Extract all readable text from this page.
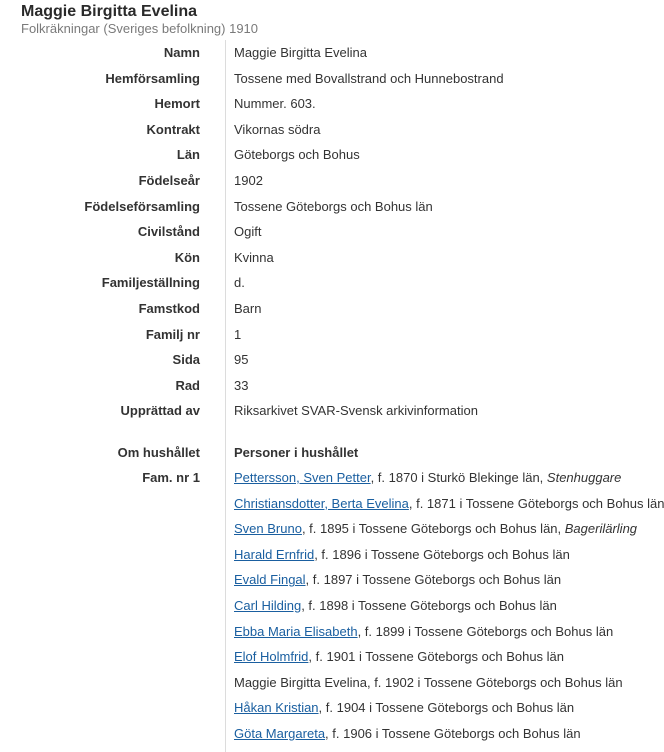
Maggie Birgitta Evelina
Folkräkningar (Sveriges befolkning) 1910
Namn	Maggie Birgitta Evelina
Hemförsamling	Tossene med Bovallstrand och Hunnebostrand
Hemort	Nummer. 603.
Kontrakt	Vikornas södra
Län	Göteborgs och Bohus
Födelseår	1902
Födelseförsamling	Tossene Göteborgs och Bohus län
Civilstånd	Ogift
Kön	Kvinna
Familjeställning	d.
Famstkod	Barn
Familj nr	1
Sida	95
Rad	33
Upprättad av	Riksarkivet SVAR-Svensk arkivinformation
Om hushållet	Personer i hushållet
Fam. nr 1	Pettersson, Sven Petter, f. 1870 i Sturkö Blekinge län, Stenhuggare
Christiansdotter, Berta Evelina, f. 1871 i Tossene Göteborgs och Bohus län
Sven Bruno, f. 1895 i Tossene Göteborgs och Bohus län, Bagerilärling
Harald Ernfrid, f. 1896 i Tossene Göteborgs och Bohus län
Evald Fingal, f. 1897 i Tossene Göteborgs och Bohus län
Carl Hilding, f. 1898 i Tossene Göteborgs och Bohus län
Ebba Maria Elisabeth, f. 1899 i Tossene Göteborgs och Bohus län
Elof Holmfrid, f. 1901 i Tossene Göteborgs och Bohus län
Maggie Birgitta Evelina, f. 1902 i Tossene Göteborgs och Bohus län
Håkan Kristian, f. 1904 i Tossene Göteborgs och Bohus län
Göta Margareta, f. 1906 i Tossene Göteborgs och Bohus län
